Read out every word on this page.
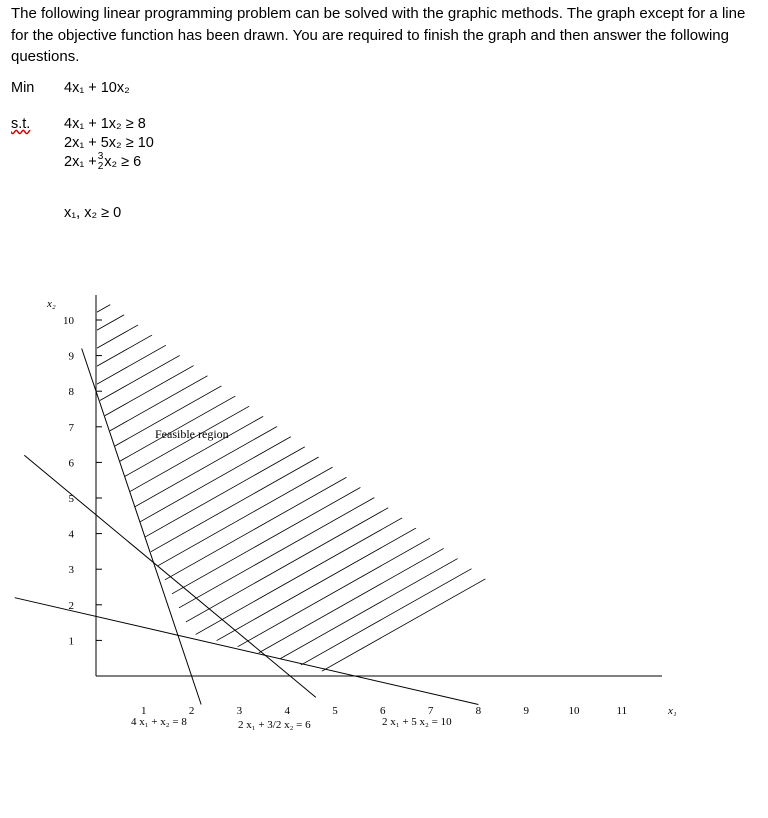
The following linear programming problem can be solved with the graphic methods. The graph except for a line for the objective function has been drawn. You are required to finish the graph and then answer the following questions.
Min 4x₁ + 10x₂
s.t. 4x₁ + 1x₂ ≥ 8
2x₁ + 5x₂ ≥ 10
2x₁ + 3
2 x₂ ≥ 6
x₁, x₂ ≥ 0
1
2
3
4
5
6
7
8
9
10
1	2	3	4	5	6	7	8	9	10	11
Feasible region
x₂
x₁
4 x₁ + x₂ = 8	2 x₁ + 3/2 x₂ = 6	2 x₁ + 5 x₂ = 10
